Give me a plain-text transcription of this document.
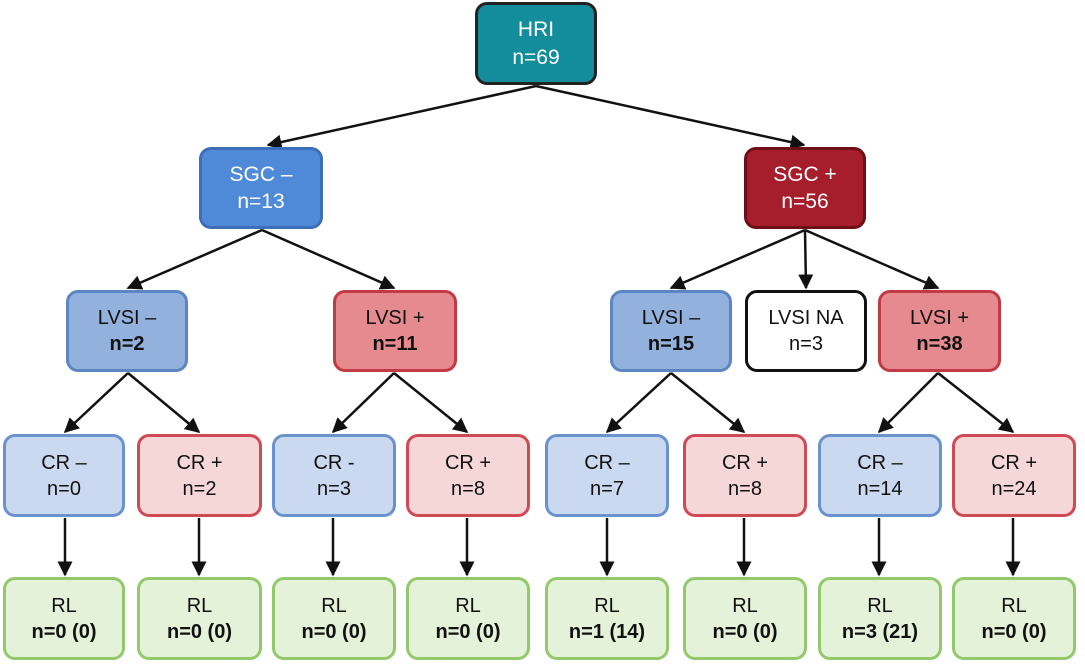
HRI
n=69
SGC –
n=13
SGC +
n=56
LVSI –
n=2
LVSI +
n=11
LVSI –
n=15
LVSI NA
n=3
LVSI +
n=38
CR –
n=0
CR +
n=2
CR -
n=3
CR +
n=8
CR –
n=7
CR +
n=8
CR –
n=14
CR +
n=24
RL
n=0 (0)
RL
n=0 (0)
RL
n=0 (0)
RL
n=0 (0)
RL
n=1 (14)
RL
n=0 (0)
RL
n=3 (21)
RL
n=0 (0)
